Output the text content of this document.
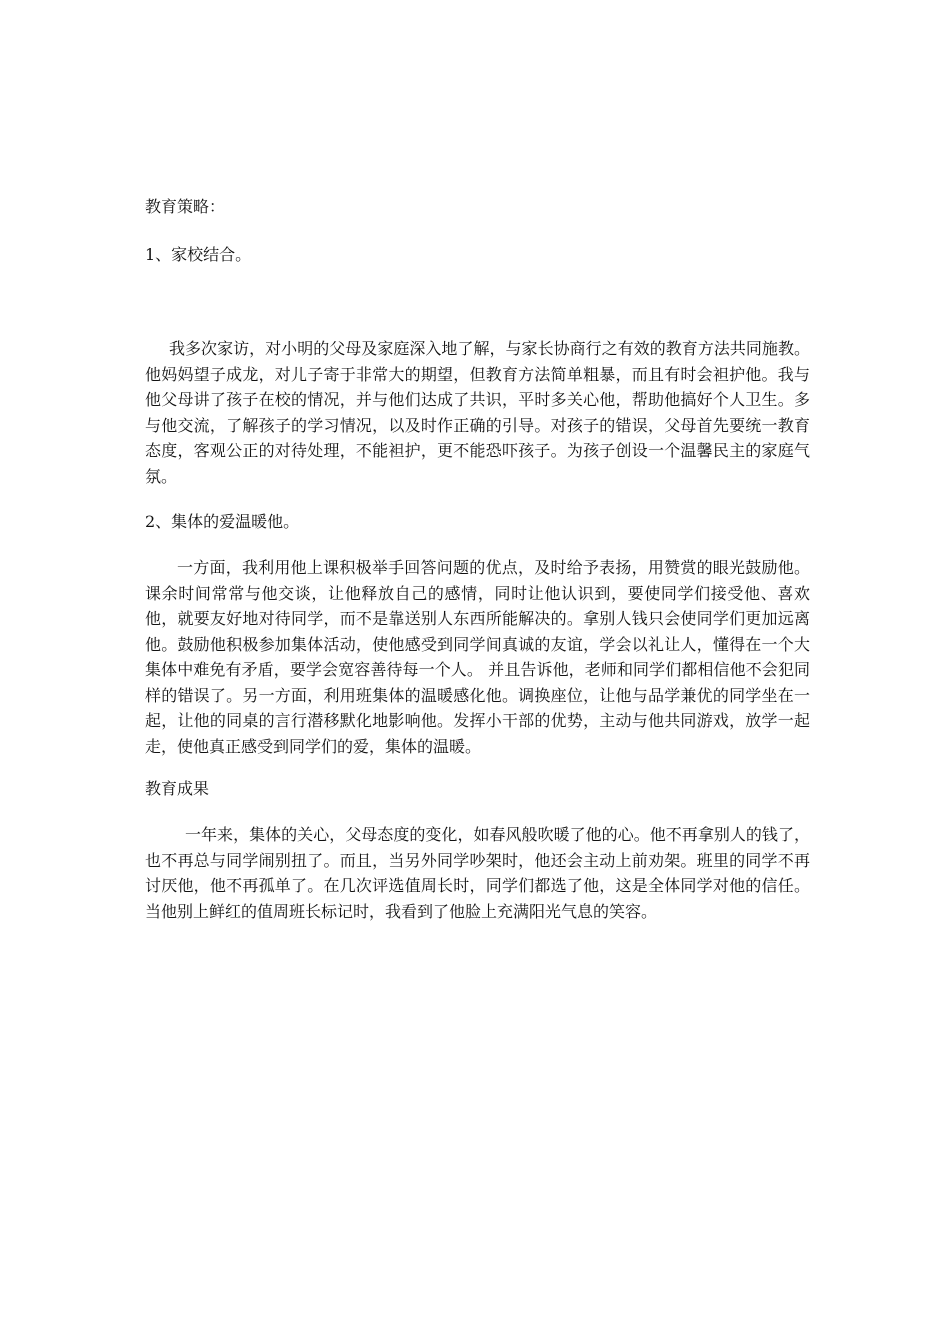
教育策略：
1、家校结合。
我多次家访，对小明的父母及家庭深入地了解，与家长协商行之有效的教育方法共同施教。他妈妈望子成龙，对儿子寄于非常大的期望，但教育方法简单粗暴，而且有时会袒护他。我与他父母讲了孩子在校的情况，并与他们达成了共识，平时多关心他，帮助他搞好个人卫生。多与他交流，了解孩子的学习情况，以及时作正确的引导。对孩子的错误，父母首先要统一教育态度，客观公正的对待处理，不能袒护，更不能恐吓孩子。为孩子创设一个温馨民主的家庭气氛。
2、集体的爱温暖他。
一方面，我利用他上课积极举手回答问题的优点，及时给予表扬，用赞赏的眼光鼓励他。课余时间常常与他交谈，让他释放自己的感情，同时让他认识到，要使同学们接受他、喜欢他，就要友好地对待同学，而不是靠送别人东西所能解决的。拿别人钱只会使同学们更加远离他。鼓励他积极参加集体活动，使他感受到同学间真诚的友谊，学会以礼让人，懂得在一个大集体中难免有矛盾，要学会宽容善待每一个人。 并且告诉他，老师和同学们都相信他不会犯同样的错误了。另一方面，利用班集体的温暖感化他。调换座位，让他与品学兼优的同学坐在一起，让他的同桌的言行潜移默化地影响他。发挥小干部的优势，主动与他共同游戏，放学一起走，使他真正感受到同学们的爱，集体的温暖。
教育成果
一年来，集体的关心，父母态度的变化，如春风般吹暖了他的心。他不再拿别人的钱了，也不再总与同学闹别扭了。而且，当另外同学吵架时，他还会主动上前劝架。班里的同学不再讨厌他，他不再孤单了。在几次评选值周长时，同学们都选了他，这是全体同学对他的信任。当他别上鲜红的值周班长标记时，我看到了他脸上充满阳光气息的笑容。
